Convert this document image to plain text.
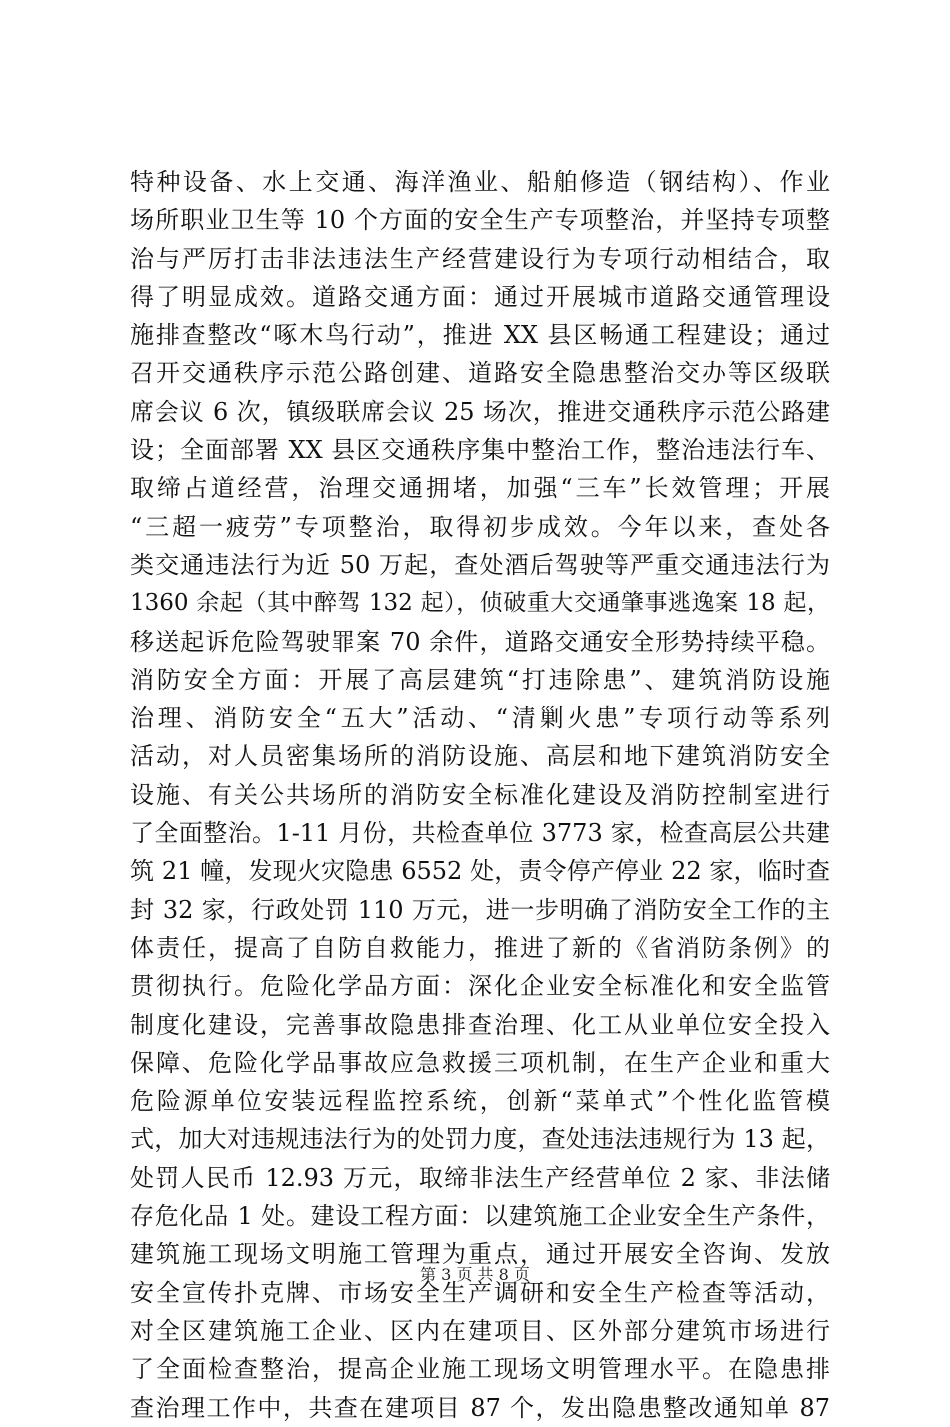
特种设备、水上交通、海洋渔业、船舶修造（钢结构）、作业
场所职业卫生等 10 个方面的安全生产专项整治，并坚持专项整
治与严厉打击非法违法生产经营建设行为专项行动相结合，取
得了明显成效。道路交通方面：通过开展城市道路交通管理设
施排查整改“啄木鸟行动”，推进 XX 县区畅通工程建设；通过
召开交通秩序示范公路创建、道路安全隐患整治交办等区级联
席会议 6 次，镇级联席会议 25 场次，推进交通秩序示范公路建
设；全面部署 XX 县区交通秩序集中整治工作，整治违法行车、
取缔占道经营，治理交通拥堵，加强“三车”长效管理；开展
“三超一疲劳”专项整治，取得初步成效。今年以来，查处各
类交通违法行为近 50 万起，查处酒后驾驶等严重交通违法行为
1360 余起（其中醉驾 132 起），侦破重大交通肇事逃逸案 18 起，
移送起诉危险驾驶罪案 70 余件，道路交通安全形势持续平稳。
消防安全方面：开展了高层建筑“打违除患”、建筑消防设施
治理、消防安全“五大”活动、“清剿火患”专项行动等系列
活动，对人员密集场所的消防设施、高层和地下建筑消防安全
设施、有关公共场所的消防安全标准化建设及消防控制室进行
了全面整治。1-11 月份，共检查单位 3773 家，检查高层公共建
筑 21 幢，发现火灾隐患 6552 处，责令停产停业 22 家，临时查
封 32 家，行政处罚 110 万元，进一步明确了消防安全工作的主
体责任，提高了自防自救能力，推进了新的《省消防条例》的
贯彻执行。危险化学品方面：深化企业安全标准化和安全监管
制度化建设，完善事故隐患排查治理、化工从业单位安全投入
保障、危险化学品事故应急救援三项机制，在生产企业和重大
危险源单位安装远程监控系统，创新“菜单式”个性化监管模
式，加大对违规违法行为的处罚力度，查处违法违规行为 13 起，
处罚人民币 12.93 万元，取缔非法生产经营单位 2 家、非法储
存危化品 1 处。建设工程方面：以建筑施工企业安全生产条件，
建筑施工现场文明施工管理为重点，通过开展安全咨询、发放
安全宣传扑克牌、市场安全生产调研和安全生产检查等活动，
对全区建筑施工企业、区内在建项目、区外部分建筑市场进行
了全面检查整治，提高企业施工现场文明管理水平。在隐患排
查治理工作中，共查在建项目 87 个，发出隐患整改通知单 87
第 3 页 共 8 页
